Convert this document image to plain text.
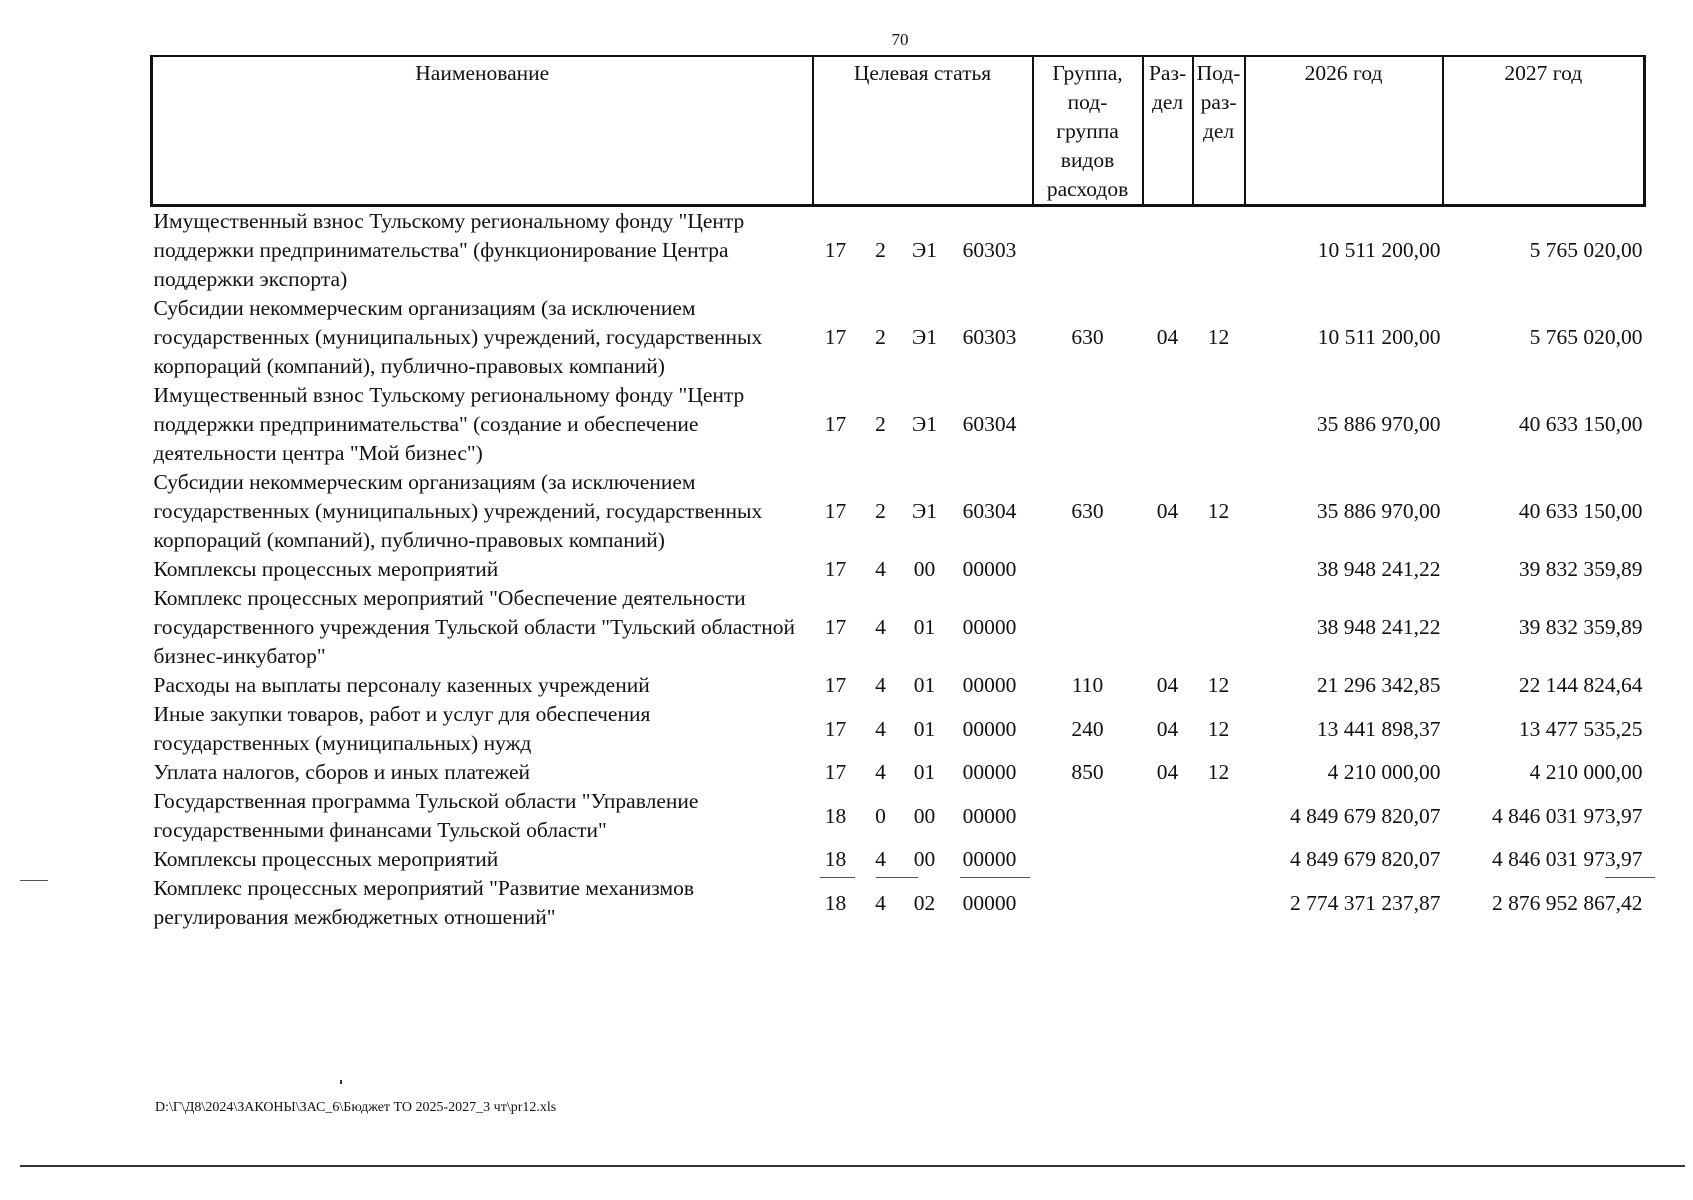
70
Наименование	Целевая статья				Группа,
под-
группа
видов
расходов	Раз-
дел	Под-
раз-
дел	2026 год	2027 год
Имущественный взнос Тульскому региональному фонду "Центр поддержки предпринимательства" (функционирование Центра поддержки экспорта)	17	2	Э1	60303				10 511 200,00	5 765 020,00
Субсидии некоммерческим организациям (за исключением государственных (муниципальных) учреждений, государственных корпораций (компаний), публично-правовых компаний)	17	2	Э1	60303	630	04	12	10 511 200,00	5 765 020,00
Имущественный взнос Тульскому региональному фонду "Центр поддержки предпринимательства" (создание и обеспечение деятельности центра "Мой бизнес")	17	2	Э1	60304				35 886 970,00	40 633 150,00
Субсидии некоммерческим организациям (за исключением государственных (муниципальных) учреждений, государственных корпораций (компаний), публично-правовых компаний)	17	2	Э1	60304	630	04	12	35 886 970,00	40 633 150,00
Комплексы процессных мероприятий	17	4	00	00000				38 948 241,22	39 832 359,89
Комплекс процессных мероприятий "Обеспечение деятельности государственного учреждения Тульской области "Тульский областной бизнес-инкубатор"	17	4	01	00000				38 948 241,22	39 832 359,89
Расходы на выплаты персоналу казенных учреждений	17	4	01	00000	110	04	12	21 296 342,85	22 144 824,64
Иные закупки товаров, работ и услуг для обеспечения государственных (муниципальных) нужд	17	4	01	00000	240	04	12	13 441 898,37	13 477 535,25
Уплата налогов, сборов и иных платежей	17	4	01	00000	850	04	12	4 210 000,00	4 210 000,00
Государственная программа Тульской области "Управление государственными финансами Тульской области"	18	0	00	00000				4 849 679 820,07	4 846 031 973,97
Комплексы процессных мероприятий	18	4	00	00000				4 849 679 820,07	4 846 031 973,97
Комплекс процессных мероприятий "Развитие механизмов регулирования межбюджетных отношений"	18	4	02	00000				2 774 371 237,87	2 876 952 867,42
D:\Г\Д8\2024\ЗАКОНЫ\ЗАС_6\Бюджет ТО 2025-2027_3 чт\pr12.xls
